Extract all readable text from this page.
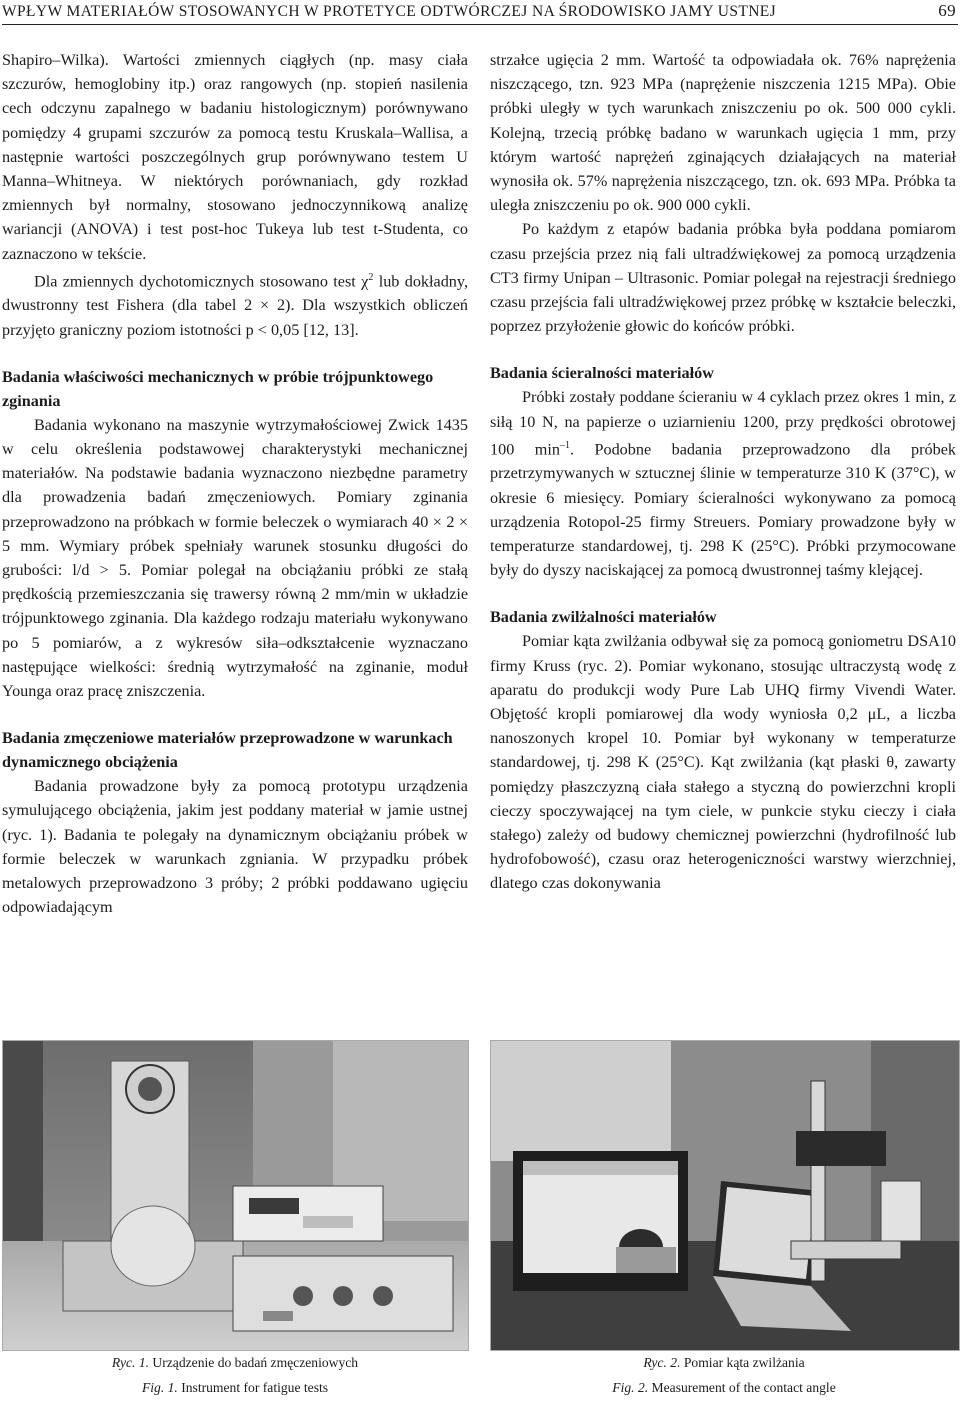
WPŁYW MATERIAŁÓW STOSOWANYCH W PROTETYCE ODTWÓRCZEJ NA ŚRODOWISKO JAMY USTNEJ	69

Shapiro–Wilka). Wartości zmiennych ciągłych (np. masy ciała szczurów, hemoglobiny itp.) oraz rangowych (np. stopień nasilenia cech odczynu zapalnego w badaniu histologicznym) porównywano pomiędzy 4 grupami szczurów za pomocą testu Kruskala–Wallisa, a następnie wartości poszczególnych grup porównywano testem U Manna–Whitneya. W niektórych porównaniach, gdy rozkład zmiennych był normalny, stosowano jednoczynnikową analizę wariancji (ANOVA) i test post-hoc Tukeya lub test t-Studenta, co zaznaczono w tekście.

Dla zmiennych dychotomicznych stosowano test $\chi^2$ lub dokładny, dwustronny test Fishera (dla tabel 2 × 2). Dla wszystkich obliczeń przyjęto graniczny poziom istotności p < 0,05 [12, 13].

Badania właściwości mechanicznych w próbie trójpunktowego zginania

Badania wykonano na maszynie wytrzymałościowej Zwick 1435 w celu określenia podstawowej charakterystyki mechanicznej materiałów. Na podstawie badania wyznaczono niezbędne parametry dla prowadzenia badań zmęczeniowych. Pomiary zginania przeprowadzono na próbkach w formie beleczek o wymiarach 40 × 2 × 5 mm. Wymiary próbek spełniały warunek stosunku długości do grubości: l/d > 5. Pomiar polegał na obciążaniu próbki ze stałą prędkością przemieszczania się trawersy równą 2 mm/min w układzie trójpunktowego zginania. Dla każdego rodzaju materiału wykonywano po 5 pomiarów, a z wykresów siła–odkształcenie wyznaczano następujące wielkości: średnią wytrzymałość na zginanie, moduł Younga oraz pracę zniszczenia.

Badania zmęczeniowe materiałów przeprowadzone w warunkach dynamicznego obciążenia

Badania prowadzone były za pomocą prototypu urządzenia symulującego obciążenia, jakim jest poddany materiał w jamie ustnej (ryc. 1). Badania te polegały na dynamicznym obciążaniu próbek w formie beleczek w warunkach zgniania. W przypadku próbek metalowych przeprowadzono 3 próby; 2 próbki poddawano ugięciu odpowiadającym

strzałce ugięcia 2 mm. Wartość ta odpowiadała ok. 76% naprężenia niszczącego, tzn. 923 MPa (naprężenie niszczenia 1215 MPa). Obie próbki uległy w tych warunkach zniszczeniu po ok. 500 000 cykli. Kolejną, trzecią próbkę badano w warunkach ugięcia 1 mm, przy którym wartość naprężeń zginających działających na materiał wynosiła ok. 57% naprężenia niszczącego, tzn. ok. 693 MPa. Próbka ta uległa zniszczeniu po ok. 900 000 cykli.

Po każdym z etapów badania próbka była poddana pomiarom czasu przejścia przez nią fali ultradźwiękowej za pomocą urządzenia CT3 firmy Unipan – Ultrasonic. Pomiar polegał na rejestracji średniego czasu przejścia fali ultradźwiękowej przez próbkę w kształcie beleczki, poprzez przyłożenie głowic do końców próbki.

Badania ścieralności materiałów

Próbki zostały poddane ścieraniu w 4 cyklach przez okres 1 min, z siłą 10 N, na papierze o uziarnieniu 1200, przy prędkości obrotowej 100 $\min^{-1}$. Podobne badania przeprowadzono dla próbek przetrzymywanych w sztucznej ślinie w temperaturze 310 K (37°C), w okresie 6 miesięcy. Pomiary ścieralności wykonywano za pomocą urządzenia Rotopol-25 firmy Streuers. Pomiary prowadzone były w temperaturze standardowej, tj. 298 K (25°C). Próbki przymocowane były do dyszy naciskającej za pomocą dwustronnej taśmy klejącej.

Badania zwilżalności materiałów

Pomiar kąta zwilżania odbywał się za pomocą goniometru DSA10 firmy Kruss (ryc. 2). Pomiar wykonano, stosując ultraczystą wodę z aparatu do produkcji wody Pure Lab UHQ firmy Vivendi Water. Objętość kropli pomiarowej dla wody wyniosła 0,2 μL, a liczba nanoszonych kropel 10. Pomiar był wykonany w temperaturze standardowej, tj. 298 K (25°C). Kąt zwilżania (kąt płaski θ, zawarty pomiędzy płaszczyzną ciała stałego a styczną do powierzchni kropli cieczy spoczywającej na tym ciele, w punkcie styku cieczy i ciała stałego) zależy od budowy chemicznej powierzchni (hydrofilność lub hydrofobowość), czasu oraz heterogeniczności warstwy wierzchniej, dlatego czas dokonywania

Ryc. 1. Urządzenie do badań zmęczeniowych
Fig. 1. Instrument for fatigue tests
Ryc. 2. Pomiar kąta zwilżania
Fig. 2. Measurement of the contact angle
